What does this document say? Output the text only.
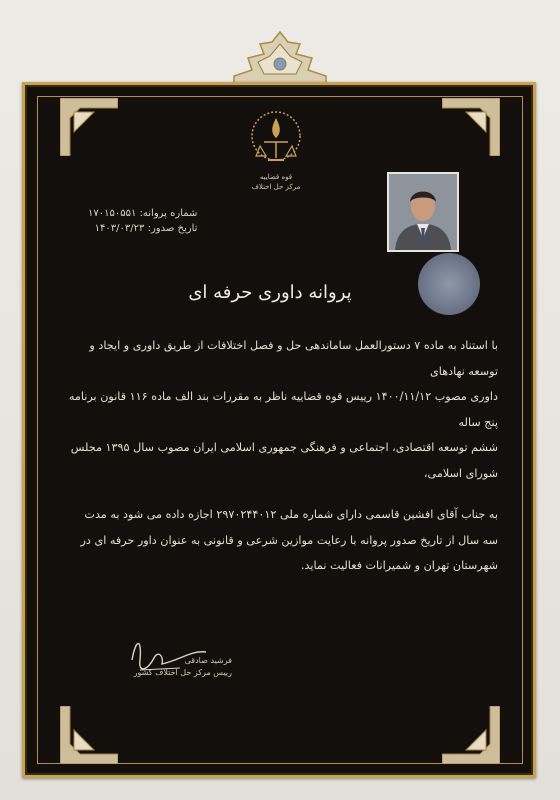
قوه قضاییه
مرکز حل اختلاف
شماره پروانه: ۱۷۰۱۵۰۵۵۱
تاریخ صدور: ۱۴۰۳/۰۳/۲۳
پروانه داوری حرفه ای

با استناد به ماده ۷ دستورالعمل ساماندهی حل و فصل اختلافات از طریق داوری و ایجاد و توسعه نهادهای

داوری مصوب ۱۴۰۰/۱۱/۱۲ رییس قوه قضاییه ناظر به مقررات بند الف ماده ۱۱۶ قانون برنامه پنج ساله

ششم توسعه اقتصادی، اجتماعی و فرهنگی جمهوری اسلامی ایران مصوب سال ۱۳۹۵ مجلس شورای اسلامی،

به جناب آقای افشین قاسمی دارای شماره ملی ۲۹۷۰۲۴۴۰۱۲ اجازه داده می شود به مدت

سه سال از تاریخ صدور پروانه با رعایت موازین شرعی و قانونی به عنوان داور حرفه ای در

شهرستان تهران و شمیرانات فعالیت نماید.

فرشید صادقی
رییس مرکز حل اختلاف کشور
